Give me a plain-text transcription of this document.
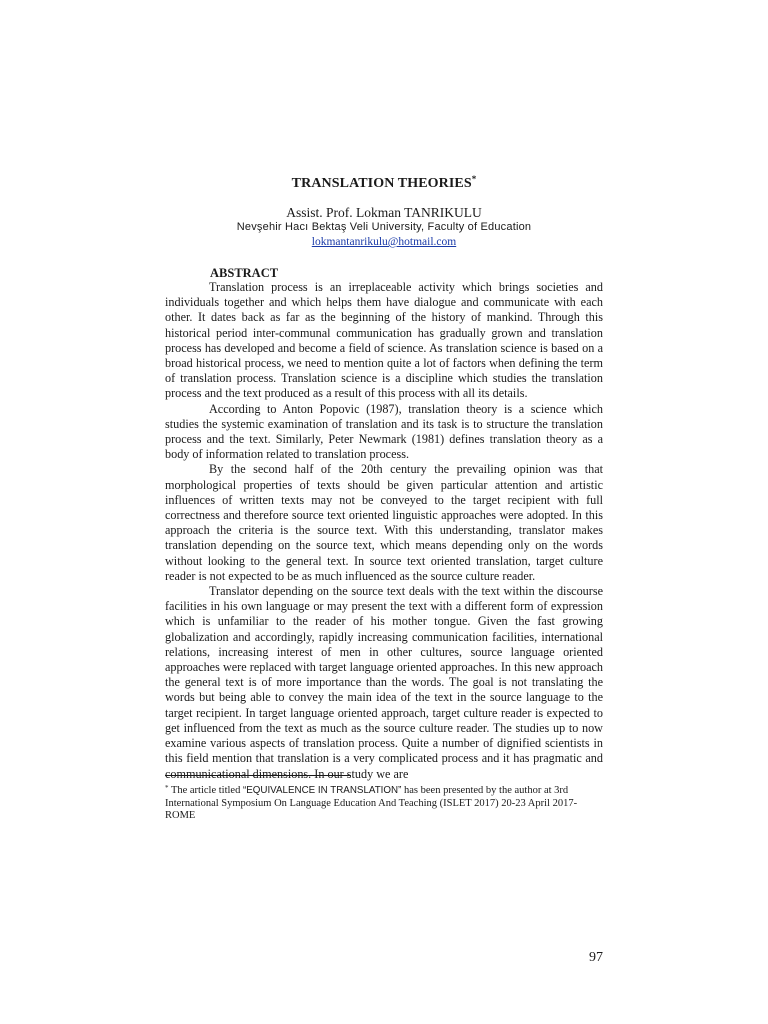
TRANSLATION THEORIES*
Assist. Prof. Lokman TANRIKULU
Nevşehir Hacı Bektaş Veli University, Faculty of Education
lokmantanrikulu@hotmail.com
ABSTRACT

Translation process is an irreplaceable activity which brings societies and individuals together and which helps them have dialogue and communicate with each other. It dates back as far as the beginning of the history of mankind. Through this historical period inter-communal communication has gradually grown and translation process has developed and become a field of science. As translation science is based on a broad historical process, we need to mention quite a lot of factors when defining the term of translation process. Translation science is a discipline which studies the translation process and the text produced as a result of this process with all its details.

According to Anton Popovic (1987), translation theory is a science which studies the systemic examination of translation and its task is to structure the translation process and the text. Similarly, Peter Newmark (1981) defines translation theory as a body of information related to translation process.

By the second half of the 20th century the prevailing opinion was that morphological properties of texts should be given particular attention and artistic influences of written texts may not be conveyed to the target recipient with full correctness and therefore source text oriented linguistic approaches were adopted. In this approach the criteria is the source text. With this understanding, translator makes translation depending on the source text, which means depending only on the words without looking to the general text. In source text oriented translation, target culture reader is not expected to be as much influenced as the source culture reader.

Translator depending on the source text deals with the text within the discourse facilities in his own language or may present the text with a different form of expression which is unfamiliar to the reader of his mother tongue. Given the fast growing globalization and accordingly, rapidly increasing communication facilities, international relations, increasing interest of men in other cultures, source language oriented approaches were replaced with target language oriented approaches. In this new approach the general text is of more importance than the words. The goal is not translating the words but being able to convey the main idea of the text in the source language to the target recipient. In target language oriented approach, target culture reader is expected to get influenced from the text as much as the source culture reader. The studies up to now examine various aspects of translation process. Quite a number of dignified scientists in this field mention that translation is a very complicated process and it has pragmatic and communicational dimensions. In our study we are

* The article titled “EQUIVALENCE IN TRANSLATION” has been presented by the author at 3rd International Symposium On Language Education And Teaching (ISLET 2017) 20-23 April 2017- ROME
97
